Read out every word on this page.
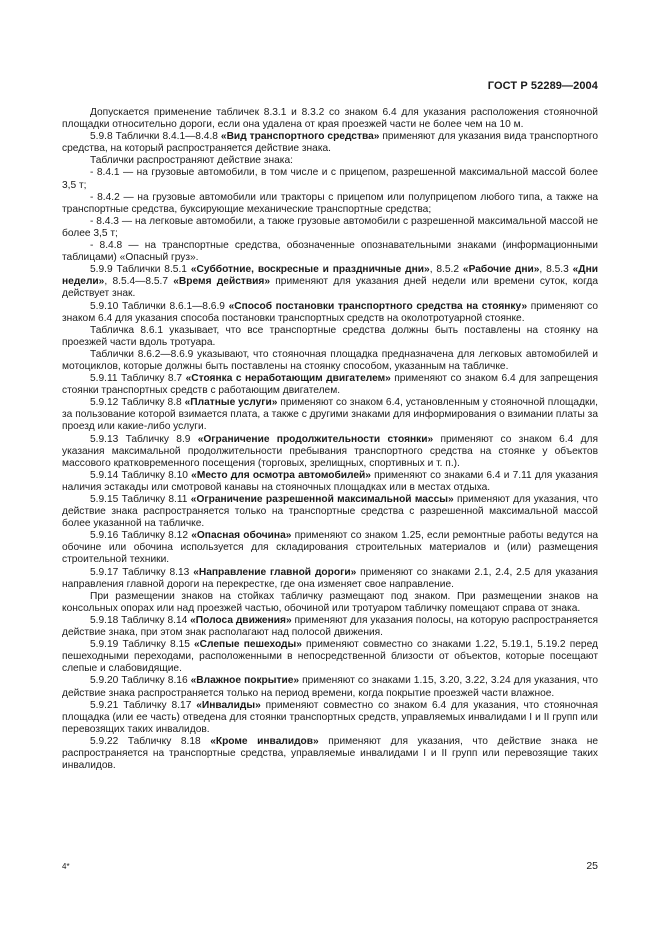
ГОСТ Р 52289—2004

Допускается применение табличек 8.3.1 и 8.3.2 со знаком 6.4 для указания расположения стояночной площадки относительно дороги, если она удалена от края проезжей части не более чем на 10 м.

5.9.8 Таблички 8.4.1—8.4.8 «Вид транспортного средства» применяют для указания вида транспортного средства, на который распространяется действие знака.

Таблички распространяют действие знака:

- 8.4.1 — на грузовые автомобили, в том числе и с прицепом, разрешенной максимальной массой более 3,5 т;

- 8.4.2 — на грузовые автомобили или тракторы с прицепом или полуприцепом любого типа, а также на транспортные средства, буксирующие механические транспортные средства;

- 8.4.3 — на легковые автомобили, а также грузовые автомобили с разрешенной максимальной массой не более 3,5 т;

- 8.4.8 — на транспортные средства, обозначенные опознавательными знаками (информационными таблицами) «Опасный груз».

5.9.9 Таблички 8.5.1 «Субботние, воскресные и праздничные дни», 8.5.2 «Рабочие дни», 8.5.3 «Дни недели», 8.5.4—8.5.7 «Время действия» применяют для указания дней недели или времени суток, когда действует знак.

5.9.10 Таблички 8.6.1—8.6.9 «Способ постановки транспортного средства на стоянку» применяют со знаком 6.4 для указания способа постановки транспортных средств на околотротуарной стоянке.

Табличка 8.6.1 указывает, что все транспортные средства должны быть поставлены на стоянку на проезжей части вдоль тротуара.

Таблички 8.6.2—8.6.9 указывают, что стояночная площадка предназначена для легковых автомобилей и мотоциклов, которые должны быть поставлены на стоянку способом, указанным на табличке.

5.9.11 Табличку 8.7 «Стоянка с неработающим двигателем» применяют со знаком 6.4 для запрещения стоянки транспортных средств с работающим двигателем.

5.9.12 Табличку 8.8 «Платные услуги» применяют со знаком 6.4, установленным у стояночной площадки, за пользование которой взимается плата, а также с другими знаками для информирования о взимании платы за проезд или какие-либо услуги.

5.9.13 Табличку 8.9 «Ограничение продолжительности стоянки» применяют со знаком 6.4 для указания максимальной продолжительности пребывания транспортного средства на стоянке у объектов массового кратковременного посещения (торговых, зрелищных, спортивных и т. п.).

5.9.14 Табличку 8.10 «Место для осмотра автомобилей» применяют со знаками 6.4 и 7.11 для указания наличия эстакады или смотровой канавы на стояночных площадках или в местах отдыха.

5.9.15 Табличку 8.11 «Ограничение разрешенной максимальной массы» применяют для указания, что действие знака распространяется только на транспортные средства с разрешенной максимальной массой более указанной на табличке.

5.9.16 Табличку 8.12 «Опасная обочина» применяют со знаком 1.25, если ремонтные работы ведутся на обочине или обочина используется для складирования строительных материалов и (или) размещения строительной техники.

5.9.17 Табличку 8.13 «Направление главной дороги» применяют со знаками 2.1, 2.4, 2.5 для указания направления главной дороги на перекрестке, где она изменяет свое направление.

При размещении знаков на стойках табличку размещают под знаком. При размещении знаков на консольных опорах или над проезжей частью, обочиной или тротуаром табличку помещают справа от знака.

5.9.18 Табличку 8.14 «Полоса движения» применяют для указания полосы, на которую распространяется действие знака, при этом знак располагают над полосой движения.

5.9.19 Табличку 8.15 «Слепые пешеходы» применяют совместно со знаками 1.22, 5.19.1, 5.19.2 перед пешеходными переходами, расположенными в непосредственной близости от объектов, которые посещают слепые и слабовидящие.

5.9.20 Табличку 8.16 «Влажное покрытие» применяют со знаками 1.15, 3.20, 3.22, 3.24 для указания, что действие знака распространяется только на период времени, когда покрытие проезжей части влажное.

5.9.21 Табличку 8.17 «Инвалиды» применяют совместно со знаком 6.4 для указания, что стояночная площадка (или ее часть) отведена для стоянки транспортных средств, управляемых инвалидами I и II групп или перевозящих таких инвалидов.

5.9.22 Табличку 8.18 «Кроме инвалидов» применяют для указания, что действие знака не распространяется на транспортные средства, управляемые инвалидами I и II групп или перевозящие таких инвалидов.

4*	25
